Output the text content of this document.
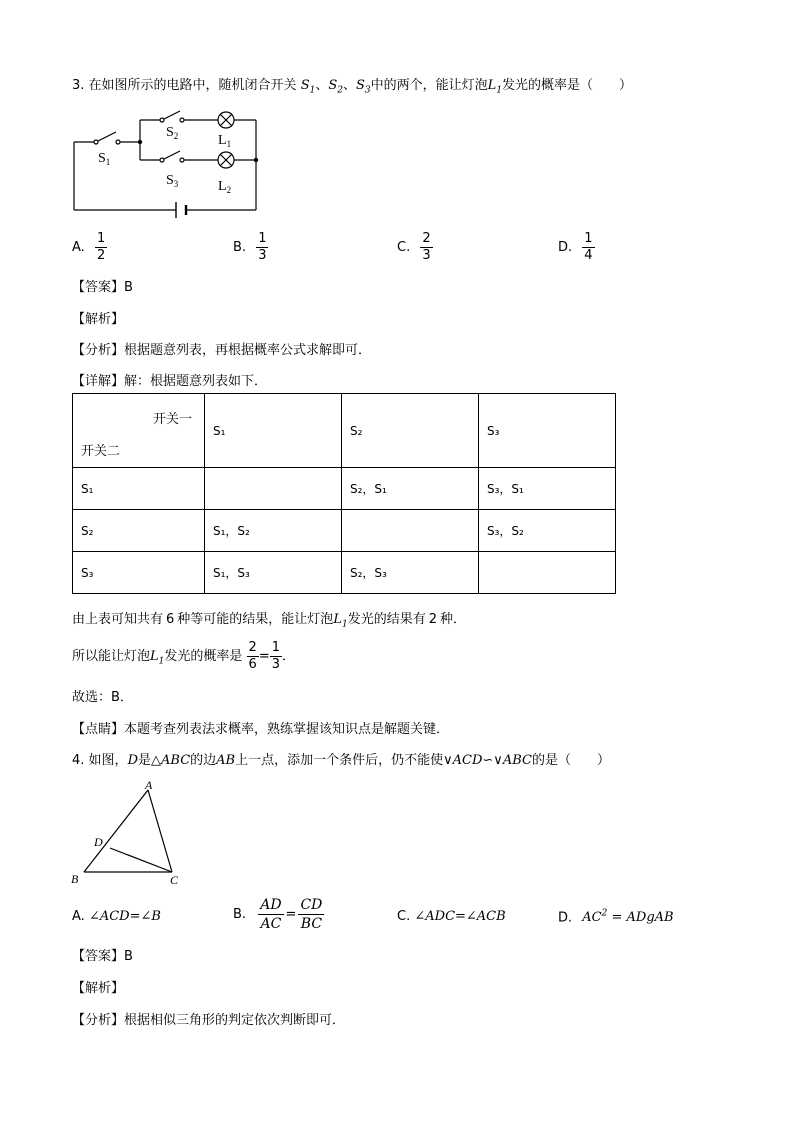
3. 在如图所示的电路中，随机闭合开关 $S_1$、$S_2$、$S_3$中的两个，能让灯泡$L_1$发光的概率是（　　）
$S_1$
$S_2$
$S_3$
$L_1$
$L_2$
A. $\frac{1}{2}$	B. $\frac{1}{3}$	C. $\frac{2}{3}$	D. $\frac{1}{4}$
【答案】B
【解析】
【分析】根据题意列表，再根据概率公式求解即可．
【详解】解：根据题意列表如下．
开关一
开关二	S₁	S₂	S₃
S₁		S₂，S₁	S₃，S₁
S₂	S₁，S₂		S₃，S₂
S₃	S₁，S₃	S₂，S₃	
由上表可知共有 6 种等可能的结果，能让灯泡$L_1$发光的结果有 2 种．
所以能让灯泡$L_1$发光的概率是 $\frac{2}{6} = \frac{1}{3}$ ．
故选：B．
【点睛】本题考查列表法求概率，熟练掌握该知识点是解题关键．
4. 如图，D是△ABC的边AB上一点，添加一个条件后，仍不能使∨ACD∽∨ABC的是（　　）
A
B	C
D
A. ∠ACD=∠B	B. $\frac{AD}{AC} = \frac{CD}{BC}$	C. ∠ADC=∠ACB	D. $AC^2$ = ADgAB
【答案】B
【解析】
【分析】根据相似三角形的判定依次判断即可．
